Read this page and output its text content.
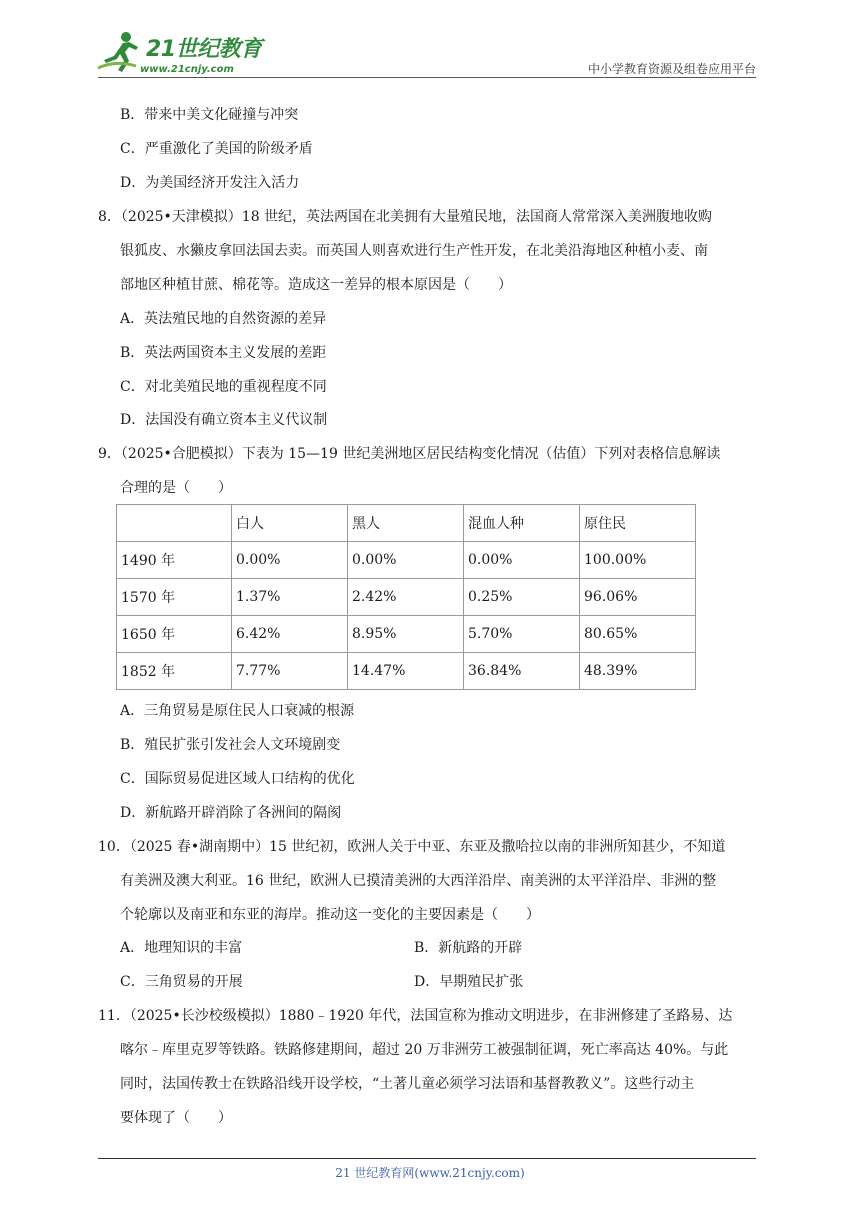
21世纪教育
www.21cnjy.com	中小学教育资源及组卷应用平台
B．带来中美文化碰撞与冲突
C．严重激化了美国的阶级矛盾
D．为美国经济开发注入活力
8．（2025•天津模拟）18 世纪，英法两国在北美拥有大量殖民地，法国商人常常深入美洲腹地收购
银狐皮、水獭皮拿回法国去卖。而英国人则喜欢进行生产性开发，在北美沿海地区种植小麦、南
部地区种植甘蔗、棉花等。造成这一差异的根本原因是（　　）
A．英法殖民地的自然资源的差异
B．英法两国资本主义发展的差距
C．对北美殖民地的重视程度不同
D．法国没有确立资本主义代议制
9．（2025•合肥模拟）下表为 15—19 世纪美洲地区居民结构变化情况（估值）下列对表格信息解读
合理的是（　　）
	白人	黑人	混血人种	原住民
1490 年	0.00%	0.00%	0.00%	100.00%
1570 年	1.37%	2.42%	0.25%	96.06%
1650 年	6.42%	8.95%	5.70%	80.65%
1852 年	7.77%	14.47%	36.84%	48.39%
A．三角贸易是原住民人口衰减的根源
B．殖民扩张引发社会人文环境剧变
C．国际贸易促进区域人口结构的优化
D．新航路开辟消除了各洲间的隔阂
10．（2025 春•湖南期中）15 世纪初，欧洲人关于中亚、东亚及撒哈拉以南的非洲所知甚少，不知道
有美洲及澳大利亚。16 世纪，欧洲人已摸清美洲的大西洋沿岸、南美洲的太平洋沿岸、非洲的整
个轮廓以及南亚和东亚的海岸。推动这一变化的主要因素是（　　）
A．地理知识的丰富	B．新航路的开辟
C．三角贸易的开展	D．早期殖民扩张
11．（2025•长沙校级模拟）1880﹣1920 年代，法国宣称为推动文明进步，在非洲修建了圣路易、达
喀尔﹣库里克罗等铁路。铁路修建期间，超过 20 万非洲劳工被强制征调，死亡率高达 40%。与此
同时，法国传教士在铁路沿线开设学校，“土著儿童必须学习法语和基督教教义”。这些行动主
要体现了（　　）
21 世纪教育网(www.21cnjy.com)
